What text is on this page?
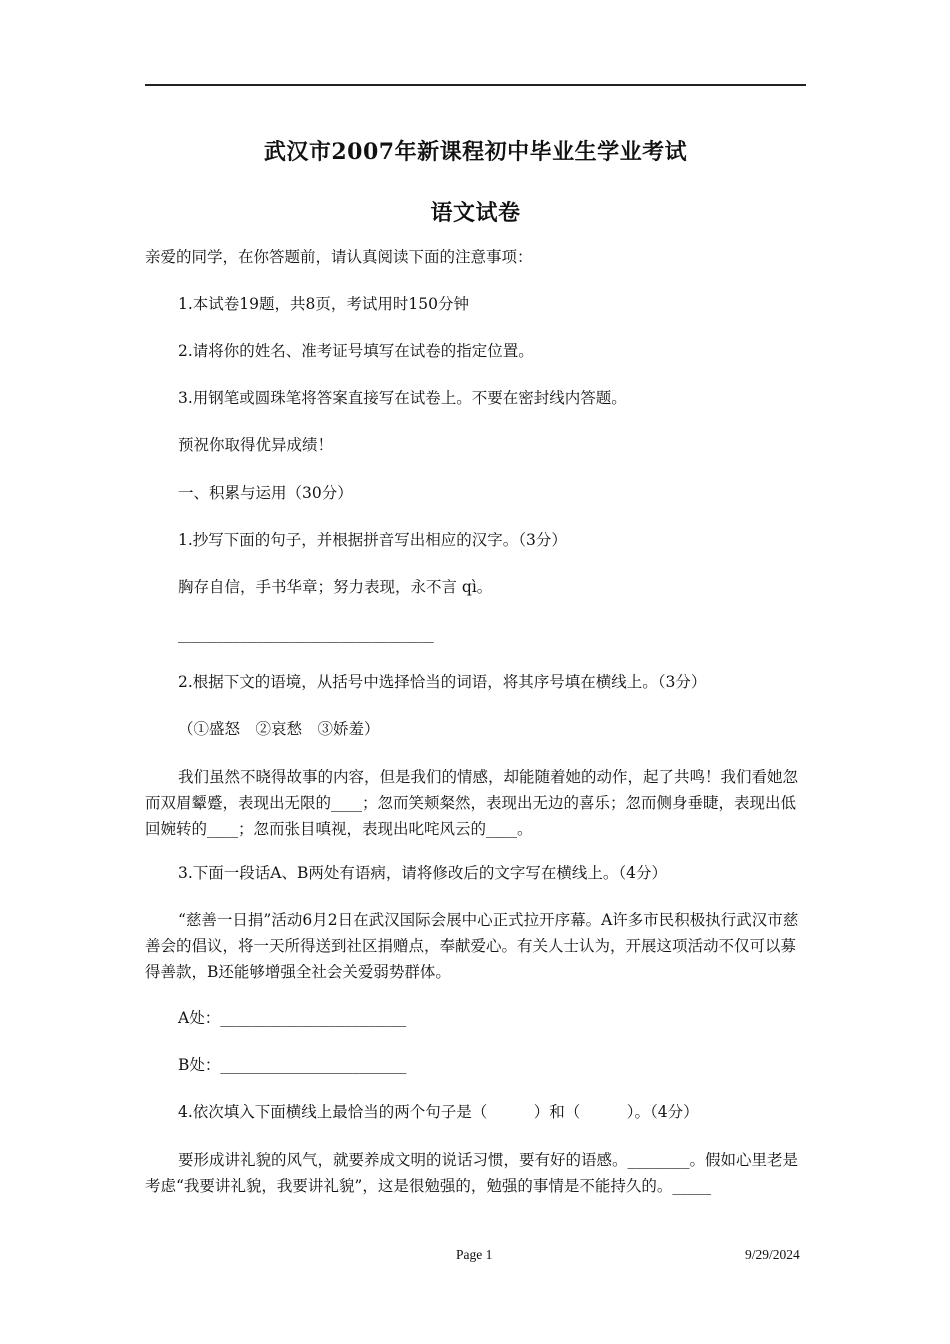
武汉市2007年新课程初中毕业生学业考试
语文试卷
亲爱的同学，在你答题前，请认真阅读下面的注意事项：
1.本试卷19题，共8页，考试用时150分钟
2.请将你的姓名、准考证号填写在试卷的指定位置。
3.用钢笔或圆珠笔将答案直接写在试卷上。不要在密封线内答题。
预祝你取得优异成绩！
一、积累与运用（30分）
1.抄写下面的句子，并根据拼音写出相应的汉字。（3分）
胸存自信，手书华章；努力表现，永不言 qì。
_________________________________
2.根据下文的语境，从括号中选择恰当的词语，将其序号填在横线上。（3分）
（①盛怒　②哀愁　③娇羞）
我们虽然不晓得故事的内容，但是我们的情感，却能随着她的动作，起了共鸣！我们看她忽而双眉颦蹙，表现出无限的____；忽而笑颊粲然，表现出无边的喜乐；忽而侧身垂睫，表现出低回婉转的____；忽而张目嗔视，表现出叱咤风云的____。
3.下面一段话A、B两处有语病，请将修改后的文字写在横线上。（4分）
“慈善一日捐”活动6月2日在武汉国际会展中心正式拉开序幕。A许多市民积极执行武汉市慈善会的倡议，将一天所得送到社区捐赠点，奉献爱心。有关人士认为，开展这项活动不仅可以募得善款，B还能够增强全社会关爱弱势群体。
A处：________________________
B处：________________________
4.依次填入下面横线上最恰当的两个句子是（　　　）和（　　　）。（4分）
要形成讲礼貌的风气，就要养成文明的说话习惯，要有好的语感。________。假如心里老是考虑“我要讲礼貌，我要讲礼貌”，这是很勉强的，勉强的事情是不能持久的。_____
Page 1	9/29/2024
